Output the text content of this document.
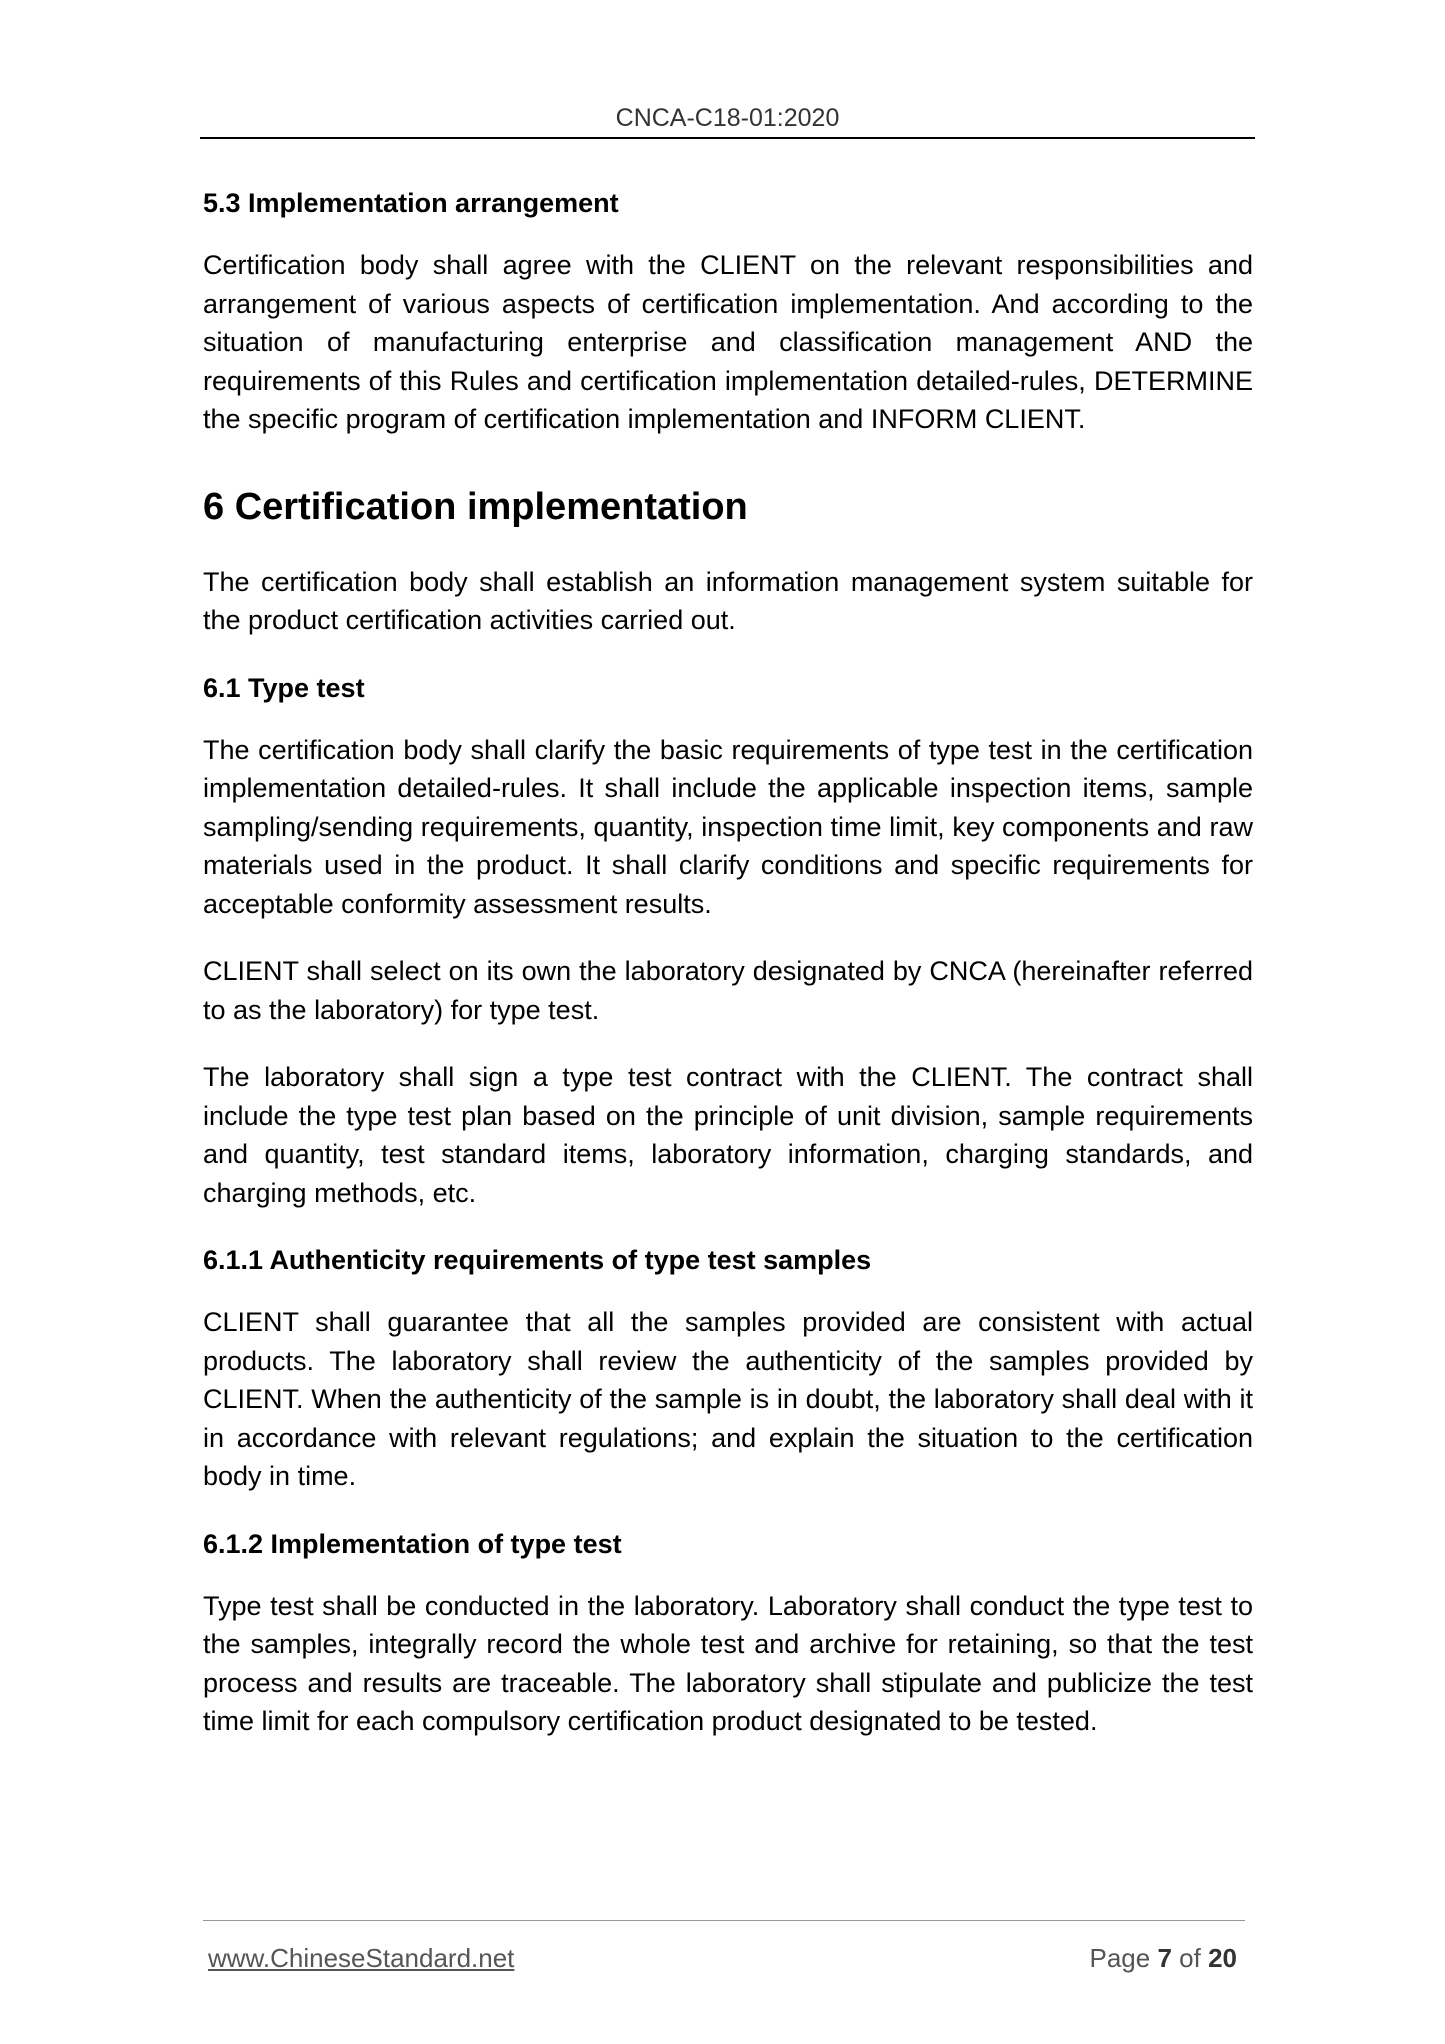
CNCA-C18-01:2020
5.3 Implementation arrangement

Certification body shall agree with the CLIENT on the relevant responsibilities and arrangement of various aspects of certification implementation. And according to the situation of manufacturing enterprise and classification management AND the requirements of this Rules and certification implementation detailed-rules, DETERMINE the specific program of certification implementation and INFORM CLIENT.

6 Certification implementation

The certification body shall establish an information management system suitable for the product certification activities carried out.

6.1 Type test

The certification body shall clarify the basic requirements of type test in the certification implementation detailed-rules. It shall include the applicable inspection items, sample sampling/sending requirements, quantity, inspection time limit, key components and raw materials used in the product. It shall clarify conditions and specific requirements for acceptable conformity assessment results.

CLIENT shall select on its own the laboratory designated by CNCA (hereinafter referred to as the laboratory) for type test.

The laboratory shall sign a type test contract with the CLIENT. The contract shall include the type test plan based on the principle of unit division, sample requirements and quantity, test standard items, laboratory information, charging standards, and charging methods, etc.

6.1.1 Authenticity requirements of type test samples

CLIENT shall guarantee that all the samples provided are consistent with actual products. The laboratory shall review the authenticity of the samples provided by CLIENT. When the authenticity of the sample is in doubt, the laboratory shall deal with it in accordance with relevant regulations; and explain the situation to the certification body in time.

6.1.2 Implementation of type test

Type test shall be conducted in the laboratory. Laboratory shall conduct the type test to the samples, integrally record the whole test and archive for retaining, so that the test process and results are traceable. The laboratory shall stipulate and publicize the test time limit for each compulsory certification product designated to be tested.

www.ChineseStandard.net	Page 7 of 20
